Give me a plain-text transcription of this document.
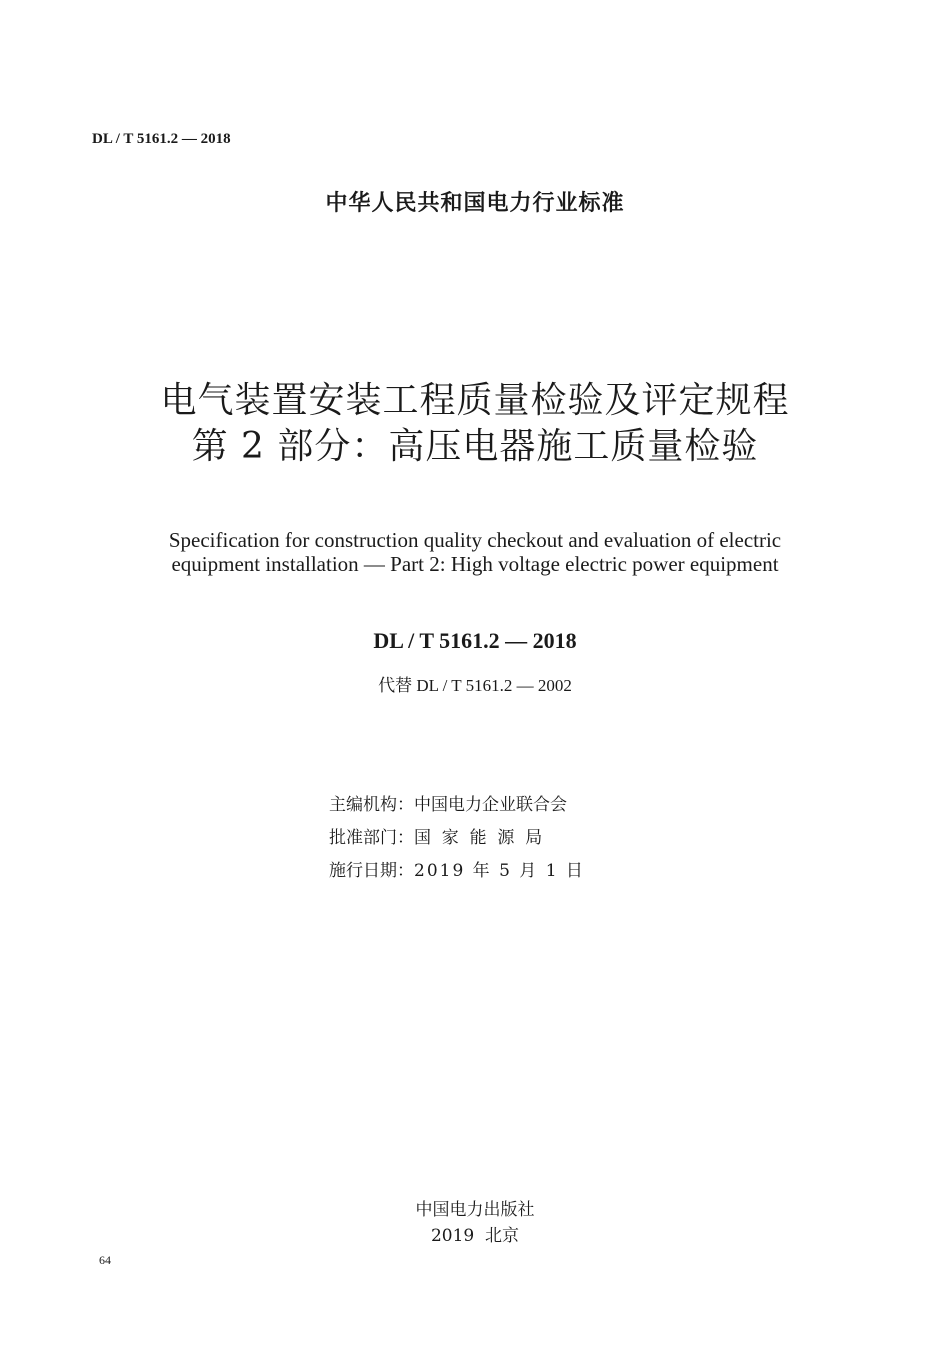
DL / T 5161.2 — 2018
中华人民共和国电力行业标准
电气装置安装工程质量检验及评定规程
第 2 部分：高压电器施工质量检验
Specification for construction quality checkout and evaluation of electric
equipment installation — Part 2: High voltage electric power equipment
DL / T 5161.2 — 2018
代替 DL / T 5161.2 — 2002
主编机构：中国电力企业联合会
批准部门：国  家  能  源  局
施行日期：2019 年 5 月 1 日
中国电力出版社
2019  北京
64
